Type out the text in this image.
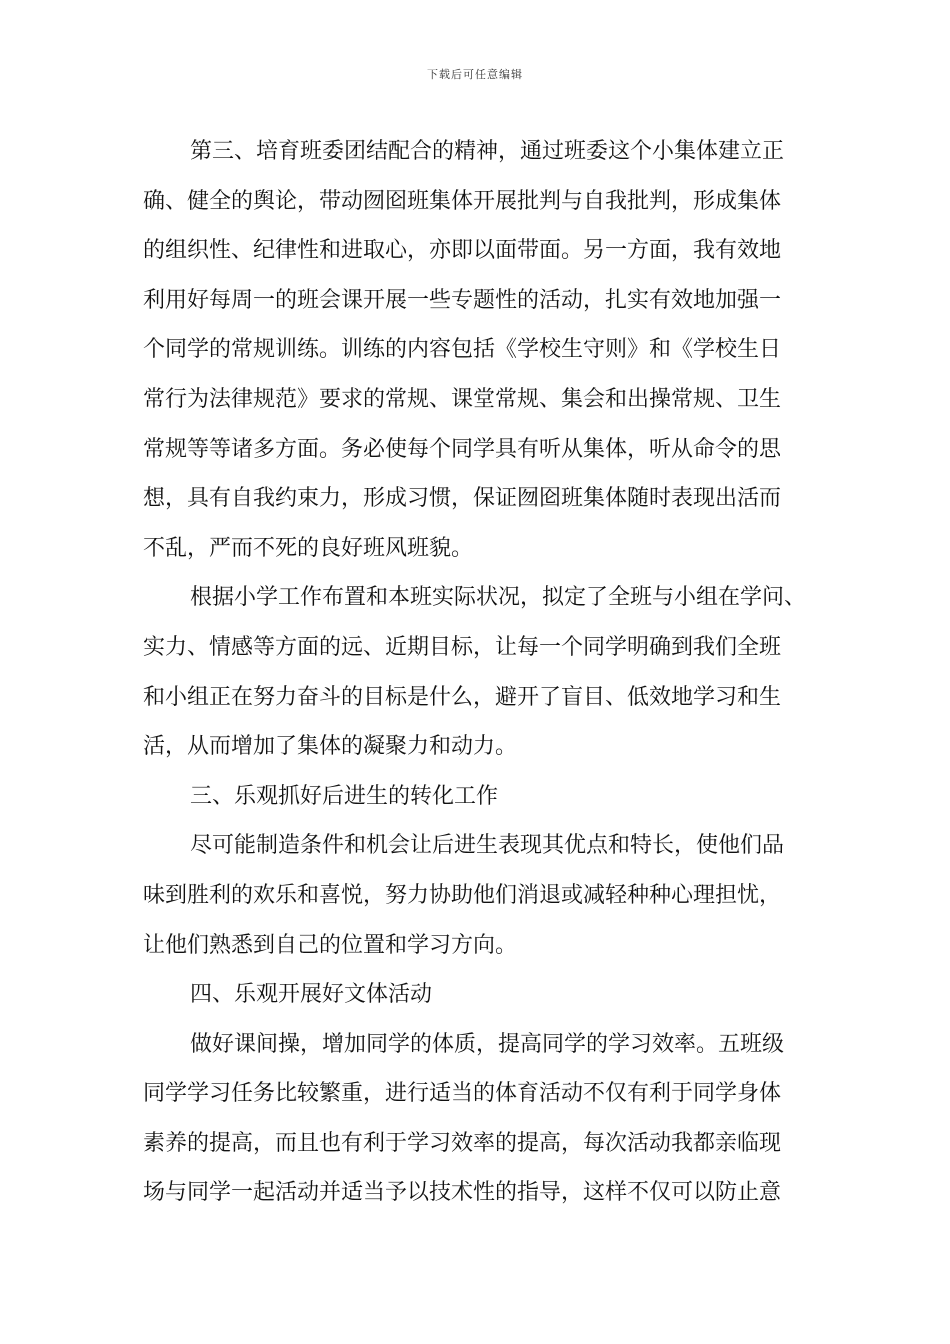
下载后可任意编辑
第三、培育班委团结配合的精神，通过班委这个小集体建立正
确、健全的舆论，带动囫囵班集体开展批判与自我批判，形成集体
的组织性、纪律性和进取心，亦即以面带面。另一方面，我有效地
利用好每周一的班会课开展一些专题性的活动，扎实有效地加强一
个同学的常规训练。训练的内容包括《学校生守则》和《学校生日
常行为法律规范》要求的常规、课堂常规、集会和出操常规、卫生
常规等等诸多方面。务必使每个同学具有听从集体，听从命令的思
想，具有自我约束力，形成习惯，保证囫囵班集体随时表现出活而
不乱，严而不死的良好班风班貌。
根据小学工作布置和本班实际状况，拟定了全班与小组在学问、
实力、情感等方面的远、近期目标，让每一个同学明确到我们全班
和小组正在努力奋斗的目标是什么，避开了盲目、低效地学习和生
活，从而增加了集体的凝聚力和动力。
三、乐观抓好后进生的转化工作
尽可能制造条件和机会让后进生表现其优点和特长，使他们品
味到胜利的欢乐和喜悦，努力协助他们消退或减轻种种心理担忧，
让他们熟悉到自己的位置和学习方向。
四、乐观开展好文体活动
做好课间操，增加同学的体质，提高同学的学习效率。五班级
同学学习任务比较繁重，进行适当的体育活动不仅有利于同学身体
素养的提高，而且也有利于学习效率的提高，每次活动我都亲临现
场与同学一起活动并适当予以技术性的指导，这样不仅可以防止意
